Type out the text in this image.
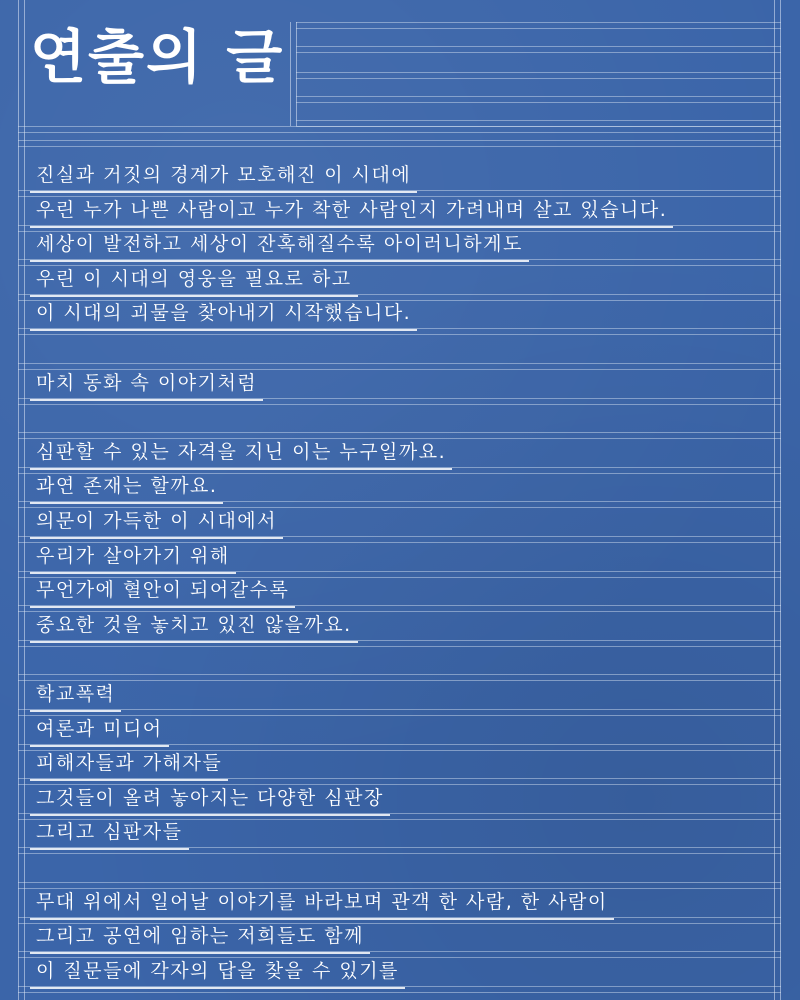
연출의 글
진실과 거짓의 경계가 모호해진 이 시대에
우린 누가 나쁜 사람이고 누가 착한 사람인지 가려내며 살고 있습니다.
세상이 발전하고 세상이 잔혹해질수록 아이러니하게도
우린 이 시대의 영웅을 필요로 하고
이 시대의 괴물을 찾아내기 시작했습니다.
마치 동화 속 이야기처럼
심판할 수 있는 자격을 지닌 이는 누구일까요.
과연 존재는 할까요.
의문이 가득한 이 시대에서
우리가 살아가기 위해
무언가에 혈안이 되어갈수록
중요한 것을 놓치고 있진 않을까요.
학교폭력
여론과 미디어
피해자들과 가해자들
그것들이 올려 놓아지는 다양한 심판장
그리고 심판자들
무대 위에서 일어날 이야기를 바라보며 관객 한 사람, 한 사람이
그리고 공연에 임하는 저희들도 함께
이 질문들에 각자의 답을 찾을 수 있기를
